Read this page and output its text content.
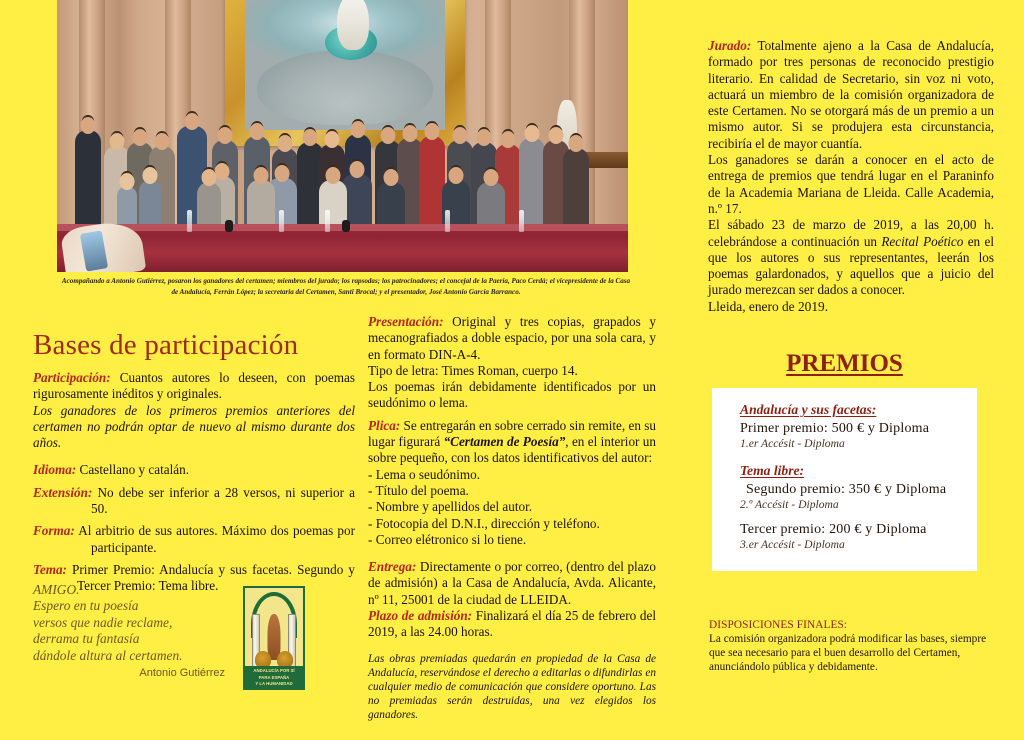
Acompañando a Antonio Gutiérrez, posaron los ganadores del certamen; miembros del jurado; los rapsodas; los patrocinadores; el concejal de la Paería, Paco Cerdà; el vicepresidente de la Casa de Andalucía, Ferrán López; la secretaria del Certamen, Santi Brocal; y el presentador, José Antonio García Barranco.
Bases de participación

Participación: Cuantos autores lo deseen, con poemas rigurosamente inéditos y originales.

Los ganadores de los primeros premios anteriores del certamen no podrán optar de nuevo al mismo durante dos años.

Idioma: Castellano y catalán.

Extensión: No debe ser inferior a 28 versos, ni superior a 50.

Forma: Al arbitrio de sus autores. Máximo dos poemas por participante.

Tema: Primer Premio: Andalucía y sus facetas. Segundo y Tercer Premio: Tema libre.

AMIGO.
Espero en tu poesía
versos que nadie reclame,
derrama tu fantasía
dándole altura al certamen.
Antonio Gutiérrez	ANDALUCÍA POR SÍ
PARA ESPAÑA
Y LA HUMANIDAD

Presentación: Original y tres copias, grapados y mecanografiados a doble espacio, por una sola cara, y en formato DIN-A-4.

Tipo de letra: Times Roman, cuerpo 14.

Los poemas irán debidamente identificados por un seudónimo o lema.

Plica: Se entregarán en sobre cerrado sin remite, en su lugar figurará “Certamen de Poesía”, en el interior un sobre pequeño, con los datos identificativos del autor:

- Lema o seudónimo.

- Título del poema.

- Nombre y apellidos del autor.

- Fotocopia del D.N.I., dirección y teléfono.

- Correo elétronico si lo tiene.

Entrega: Directamente o por correo, (dentro del plazo de admisión) a la Casa de Andalucía, Avda. Alicante, nº 11, 25001 de la ciudad de LLEIDA.

Plazo de admisión: Finalizará el día 25 de febrero del 2019, a las 24.00 horas.

Las obras premiadas quedarán en propiedad de la Casa de Andalucía, reservándose el derecho a editarlas o difundirlas en cualquier medio de comunicación que considere oportuno. Las no premiadas serán destruidas, una vez elegidos los ganadores.

Jurado: Totalmente ajeno a la Casa de Andalucía, formado por tres personas de reconocido prestigio literario. En calidad de Secretario, sin voz ni voto, actuará un miembro de la comisión organizadora de este Certamen. No se otorgará más de un premio a un mismo autor. Si se produjera esta circunstancia, recibiría el de mayor cuantía.

Los ganadores se darán a conocer en el acto de entrega de premios que tendrá lugar en el Paraninfo de la Academia Mariana de Lleida. Calle Academia, n.º 17.

El sábado 23 de marzo de 2019, a las 20,00 h. celebrándose a continuación un Recital Poético en el que los autores o sus representantes, leerán los poemas galardonados, y aquellos que a juicio del jurado merezcan ser dados a conocer.

Lleida, enero de 2019.
PREMIOS

Andalucía y sus facetas:

Primer premio: 500 € y Diploma

1.er Accésit - Diploma

Tema libre:

Segundo premio: 350 € y Diploma

2.º Accésit - Diploma

Tercer premio: 200 € y Diploma

3.er Accésit - Diploma

DISPOSICIONES FINALES:
La comisión organizadora podrá modificar las bases, siempre que sea necesario para el buen desarrollo del Certamen, anunciándolo pública y debidamente.
